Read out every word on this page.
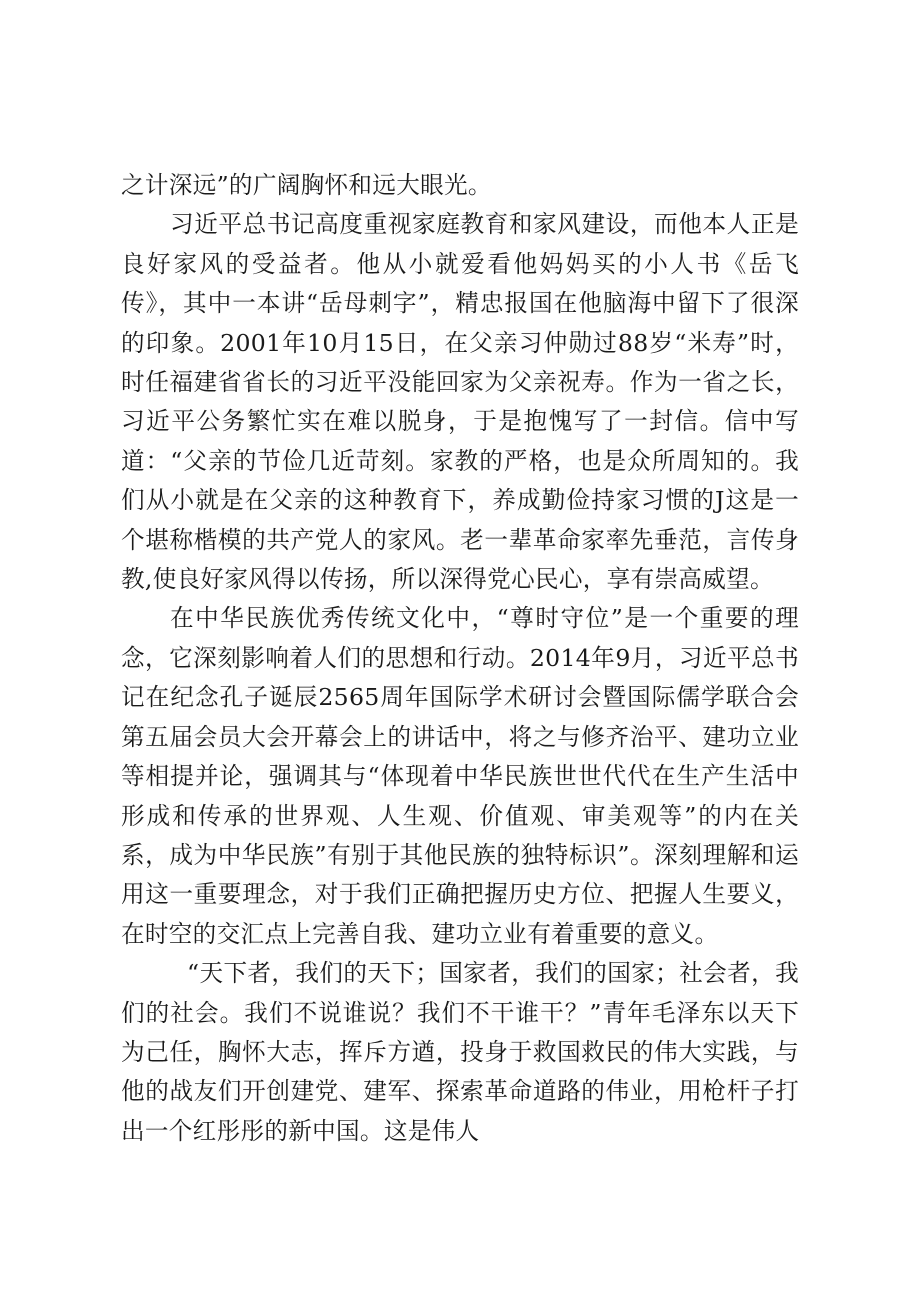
之计深远”的广阔胸怀和远大眼光。

习近平总书记高度重视家庭教育和家风建设，而他本人正是良好家风的受益者。他从小就爱看他妈妈买的小人书《岳飞传》，其中一本讲“岳母刺字”，精忠报国在他脑海中留下了很深的印象。2001年10月15日，在父亲习仲勋过88岁“米寿”时，时任福建省省长的习近平没能回家为父亲祝寿。作为一省之长，习近平公务繁忙实在难以脱身，于是抱愧写了一封信。信中写道：“父亲的节俭几近苛刻。家教的严格，也是众所周知的。我们从小就是在父亲的这种教育下，养成勤俭持家习惯的J这是一个堪称楷模的共产党人的家风。老一辈革命家率先垂范，言传身教,使良好家风得以传扬，所以深得党心民心，享有崇高威望。

在中华民族优秀传统文化中，“尊时守位”是一个重要的理念，它深刻影响着人们的思想和行动。2014年9月，习近平总书记在纪念孔子诞辰2565周年国际学术研讨会暨国际儒学联合会第五届会员大会开幕会上的讲话中，将之与修齐治平、建功立业等相提并论，强调其与“体现着中华民族世世代代在生产生活中形成和传承的世界观、人生观、价值观、审美观等”的内在关系，成为中华民族”有别于其他民族的独特标识”。深刻理解和运用这一重要理念，对于我们正确把握历史方位、把握人生要义，在时空的交汇点上完善自我、建功立业有着重要的意义。

“天下者，我们的天下；国家者，我们的国家；社会者，我们的社会。我们不说谁说？我们不干谁干？”青年毛泽东以天下为己任，胸怀大志，挥斥方遒，投身于救国救民的伟大实践，与他的战友们开创建党、建军、探索革命道路的伟业，用枪杆子打出一个红彤彤的新中国。这是伟人
